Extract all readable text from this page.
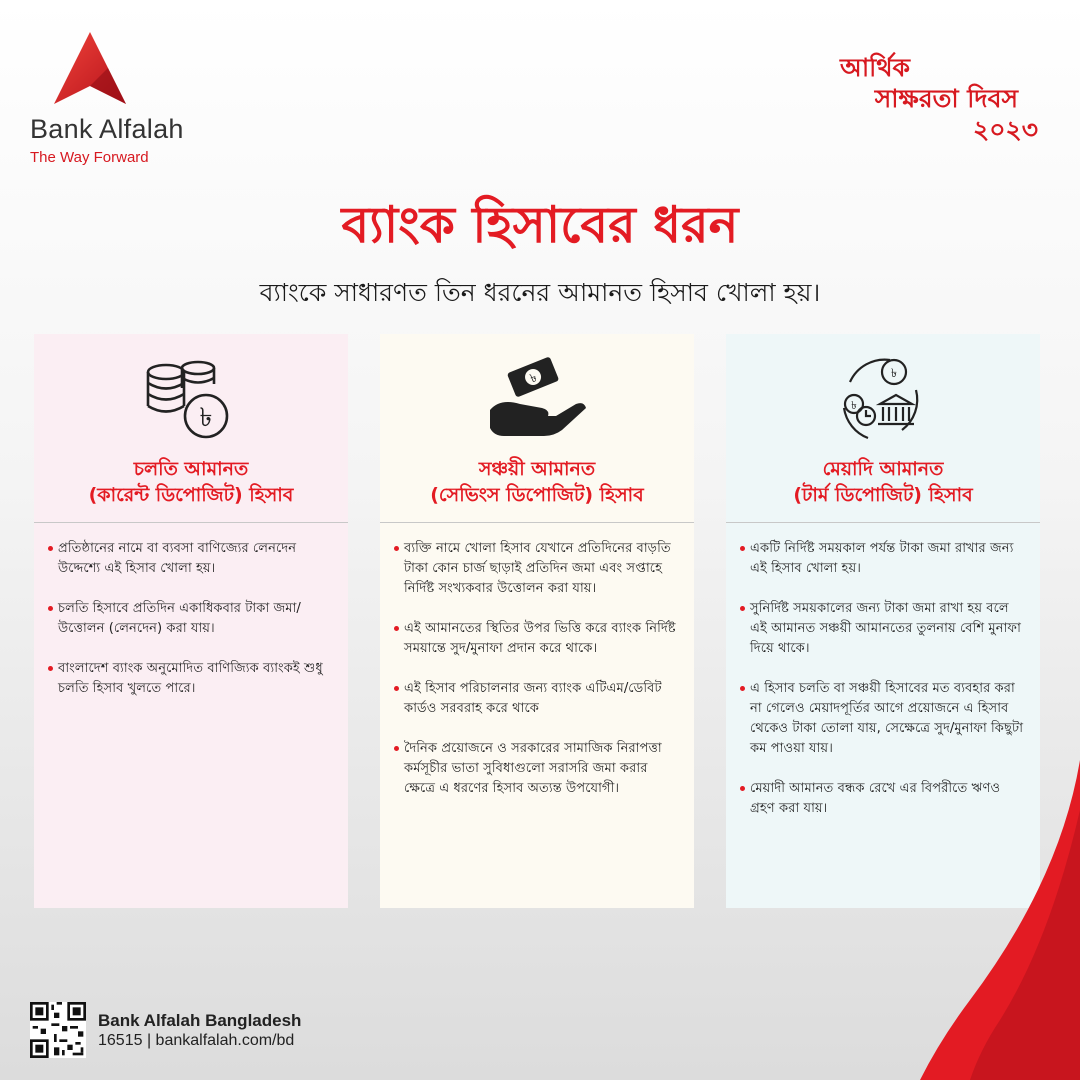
Bank Alfalah
The Way Forward
আর্থিক
সাক্ষরতা দিবস
২০২৩
ব্যাংক হিসাবের ধরন
ব্যাংকে সাধারণত তিন ধরনের আমানত হিসাব খোলা হয়।
৳
চলতি আমানত
(কারেন্ট ডিপোজিট) হিসাব
প্রতিষ্ঠানের নামে বা ব্যবসা বাণিজ্যের লেনদেন উদ্দেশ্যে এই হিসাব খোলা হয়।
চলতি হিসাবে প্রতিদিন একাধিকবার টাকা জমা/উত্তোলন (লেনদেন) করা যায়।
বাংলাদেশ ব্যাংক অনুমোদিত বাণিজ্যিক ব্যাংকই শুধু চলতি হিসাব খুলতে পারে।
৳
সঞ্চয়ী আমানত
(সেভিংস ডিপোজিট) হিসাব
ব্যক্তি নামে খোলা হিসাব যেখানে প্রতিদিনের বাড়তি টাকা কোন চার্জ ছাড়াই প্রতিদিন জমা এবং সপ্তাহে নির্দিষ্ট সংখ্যকবার উত্তোলন করা যায়।
এই আমানতের স্থিতির উপর ভিত্তি করে ব্যাংক নির্দিষ্ট সময়ান্তে সুদ/মুনাফা প্রদান করে থাকে।
এই হিসাব পরিচালনার জন্য ব্যাংক এটিএম/ডেবিট কার্ডও সরবরাহ করে থাকে
দৈনিক প্রয়োজনে ও সরকারের সামাজিক নিরাপত্তা কর্মসূচীর ভাতা সুবিধাগুলো সরাসরি জমা করার ক্ষেত্রে এ ধরণের হিসাব অত্যন্ত উপযোগী।
৳
৳
মেয়াদি আমানত
(টার্ম ডিপোজিট) হিসাব
একটি নির্দিষ্ট সময়কাল পর্যন্ত টাকা জমা রাখার জন্য এই হিসাব খোলা হয়।
সুনির্দিষ্ট সময়কালের জন্য টাকা জমা রাখা হয় বলে এই আমানত সঞ্চয়ী আমানতের তুলনায় বেশি মুনাফা দিয়ে থাকে।
এ হিসাব চলতি বা সঞ্চয়ী হিসাবের মত ব্যবহার করা না গেলেও মেয়াদপূর্তির আগে প্রয়োজনে এ হিসাব থেকেও টাকা তোলা যায়, সেক্ষেত্রে সুদ/মুনাফা কিছুটা কম পাওয়া যায়।
মেয়াদী আমানত বন্ধক রেখে এর বিপরীতে ঋণও গ্রহণ করা যায়।
Bank Alfalah Bangladesh
16515 | bankalfalah.com/bd
